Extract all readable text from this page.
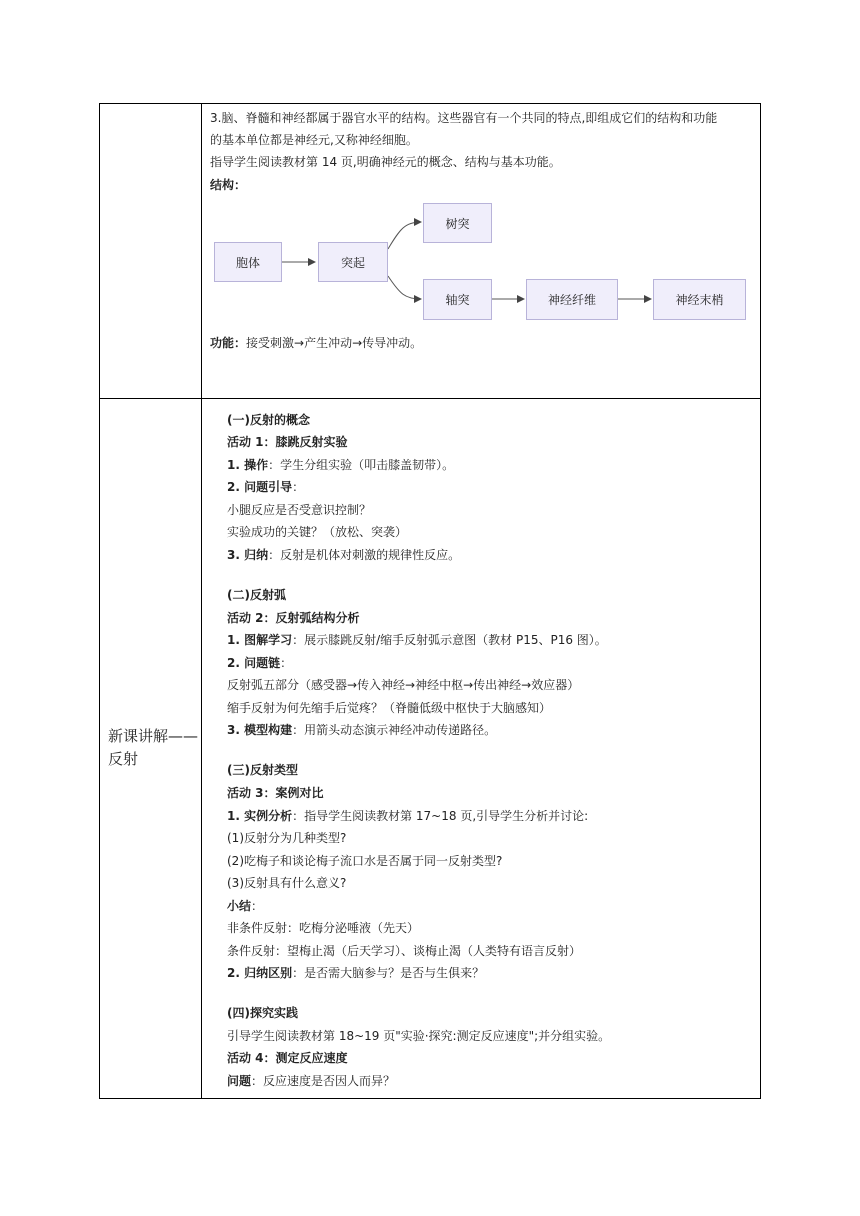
3.脑、脊髓和神经都属于器官水平的结构。这些器官有一个共同的特点,即组成它们的结构和功能
的基本单位都是神经元,又称神经细胞。
指导学生阅读教材第 14 页,明确神经元的概念、结构与基本功能。
结构：
胞体	突起
树突
轴突	神经纤维	神经末梢
功能：接受刺激→产生冲动→传导冲动。
新课讲解——反射
(一)反射的概念
活动 1：膝跳反射实验
1. 操作：学生分组实验（叩击膝盖韧带）。
2. 问题引导：
小腿反应是否受意识控制？
实验成功的关键？（放松、突袭）
3. 归纳：反射是机体对刺激的规律性反应。
(二)反射弧
活动 2：反射弧结构分析
1. 图解学习：展示膝跳反射/缩手反射弧示意图（教材 P15、P16 图）。
2. 问题链：
反射弧五部分（感受器→传入神经→神经中枢→传出神经→效应器）
缩手反射为何先缩手后觉疼？（脊髓低级中枢快于大脑感知）
3. 模型构建：用箭头动态演示神经冲动传递路径。
(三)反射类型
活动 3：案例对比
1. 实例分析：指导学生阅读教材第 17~18 页,引导学生分析并讨论:
(1)反射分为几种类型?
(2)吃梅子和谈论梅子流口水是否属于同一反射类型?
(3)反射具有什么意义?
小结：
非条件反射：吃梅分泌唾液（先天）
条件反射：望梅止渴（后天学习）、谈梅止渴（人类特有语言反射）
2. 归纳区别：是否需大脑参与？是否与生俱来？
(四)探究实践
引导学生阅读教材第 18~19 页"实验·探究:测定反应速度";并分组实验。
活动 4：测定反应速度
问题：反应速度是否因人而异？
